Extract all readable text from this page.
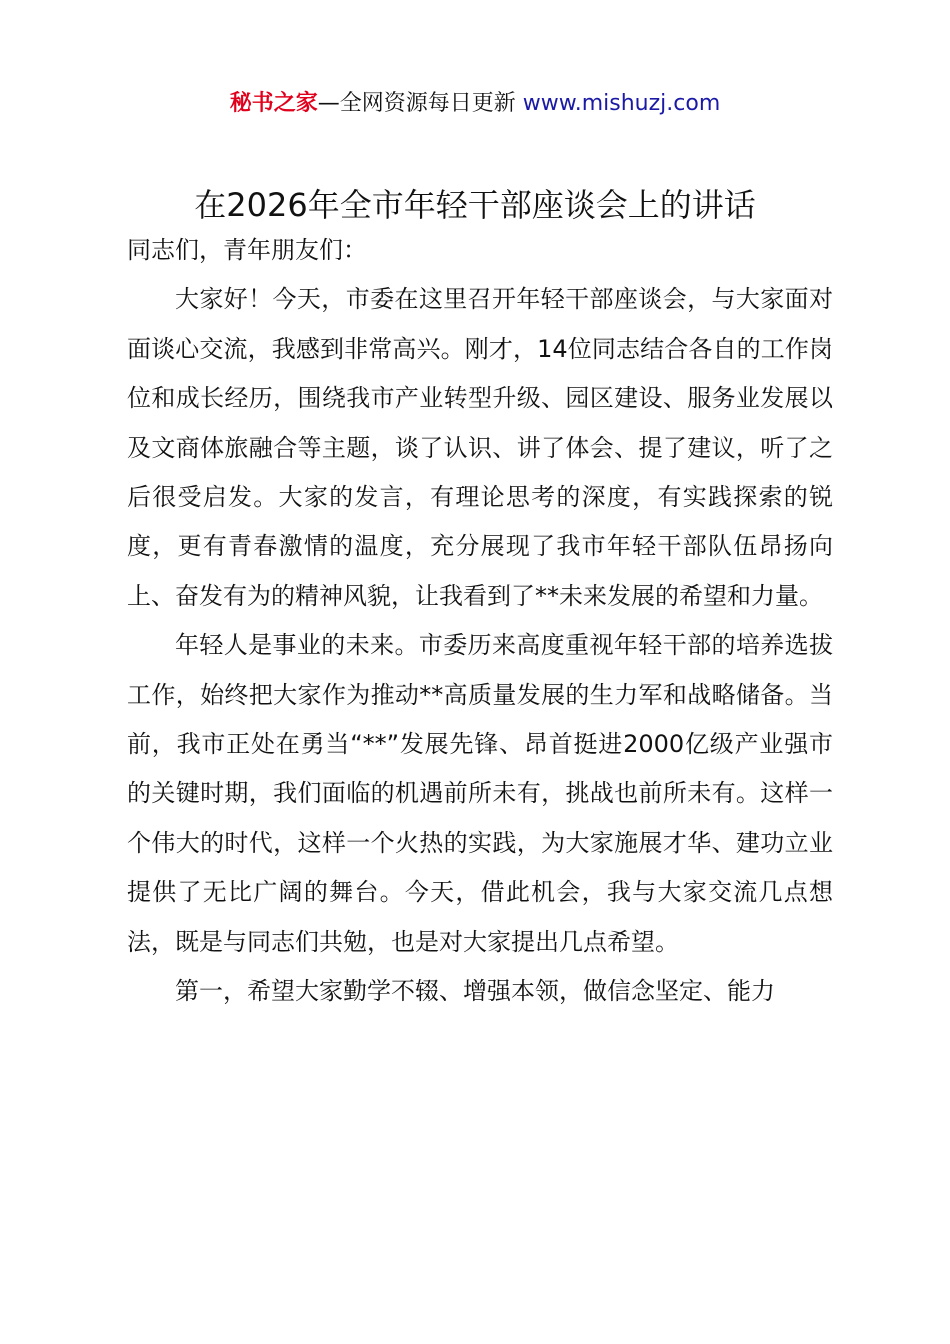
秘书之家—全网资源每日更新 www.mishuzj.com
在2026年全市年轻干部座谈会上的讲话

同志们，青年朋友们：

大家好！今天，市委在这里召开年轻干部座谈会，与大家面对面谈心交流，我感到非常高兴。刚才，14位同志结合各自的工作岗位和成长经历，围绕我市产业转型升级、园区建设、服务业发展以及文商体旅融合等主题，谈了认识、讲了体会、提了建议，听了之后很受启发。大家的发言，有理论思考的深度，有实践探索的锐度，更有青春激情的温度，充分展现了我市年轻干部队伍昂扬向上、奋发有为的精神风貌，让我看到了**未来发展的希望和力量。

年轻人是事业的未来。市委历来高度重视年轻干部的培养选拔工作，始终把大家作为推动**高质量发展的生力军和战略储备。当前，我市正处在勇当“**”发展先锋、昂首挺进2000亿级产业强市的关键时期，我们面临的机遇前所未有，挑战也前所未有。这样一个伟大的时代，这样一个火热的实践，为大家施展才华、建功立业提供了无比广阔的舞台。今天，借此机会，我与大家交流几点想法，既是与同志们共勉，也是对大家提出几点希望。

第一，希望大家勤学不辍、增强本领，做信念坚定、能力
